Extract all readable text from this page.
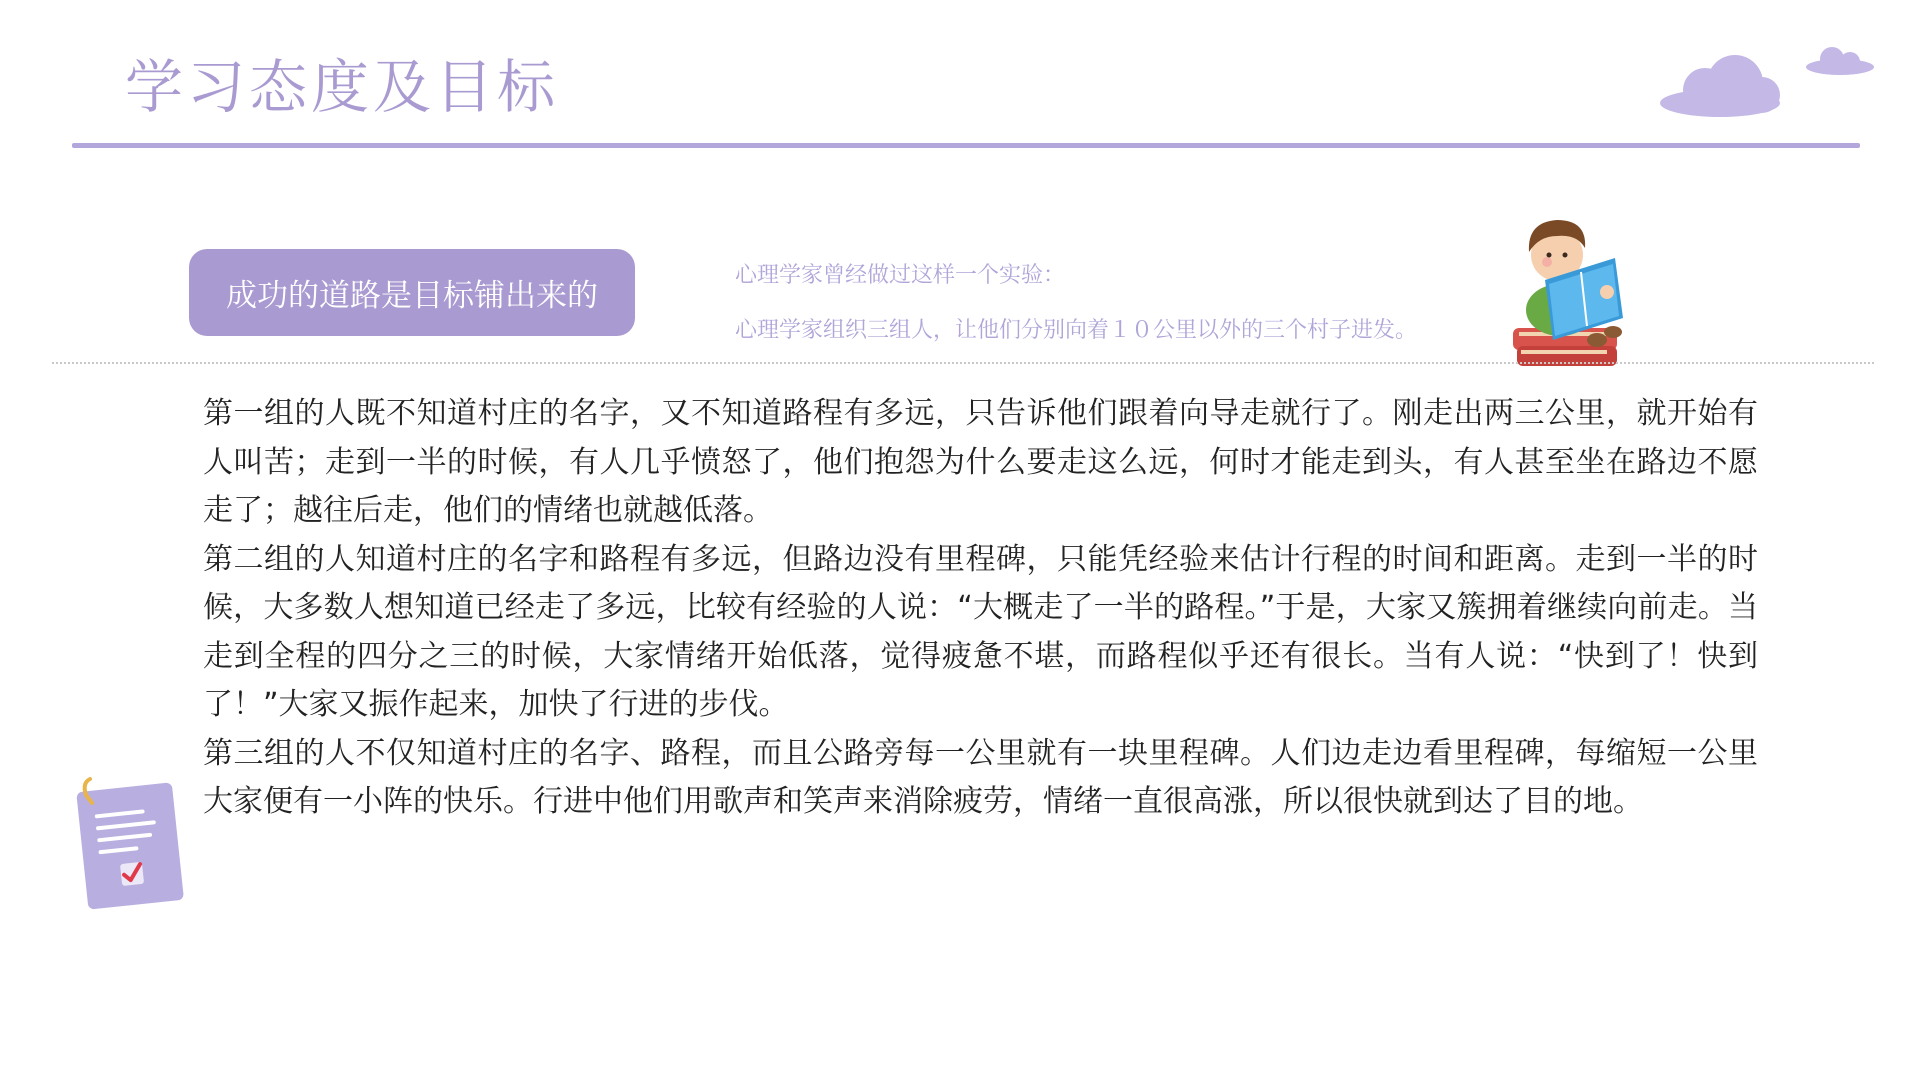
学习态度及目标
成功的道路是目标铺出来的
心理学家曾经做过这样一个实验：
心理学家组织三组人，让他们分别向着１０公里以外的三个村子进发。

第一组的人既不知道村庄的名字，又不知道路程有多远，只告诉他们跟着向导走就行了。刚走出两三公里，就开始有人叫苦；走到一半的时候，有人几乎愤怒了，他们抱怨为什么要走这么远，何时才能走到头，有人甚至坐在路边不愿走了；越往后走，他们的情绪也就越低落。

第二组的人知道村庄的名字和路程有多远，但路边没有里程碑，只能凭经验来估计行程的时间和距离。走到一半的时候，大多数人想知道已经走了多远，比较有经验的人说：“大概走了一半的路程。”于是，大家又簇拥着继续向前走。当走到全程的四分之三的时候，大家情绪开始低落，觉得疲惫不堪，而路程似乎还有很长。当有人说：“快到了！快到了！”大家又振作起来，加快了行进的步伐。

第三组的人不仅知道村庄的名字、路程，而且公路旁每一公里就有一块里程碑。人们边走边看里程碑，每缩短一公里大家便有一小阵的快乐。行进中他们用歌声和笑声来消除疲劳，情绪一直很高涨，所以很快就到达了目的地。
